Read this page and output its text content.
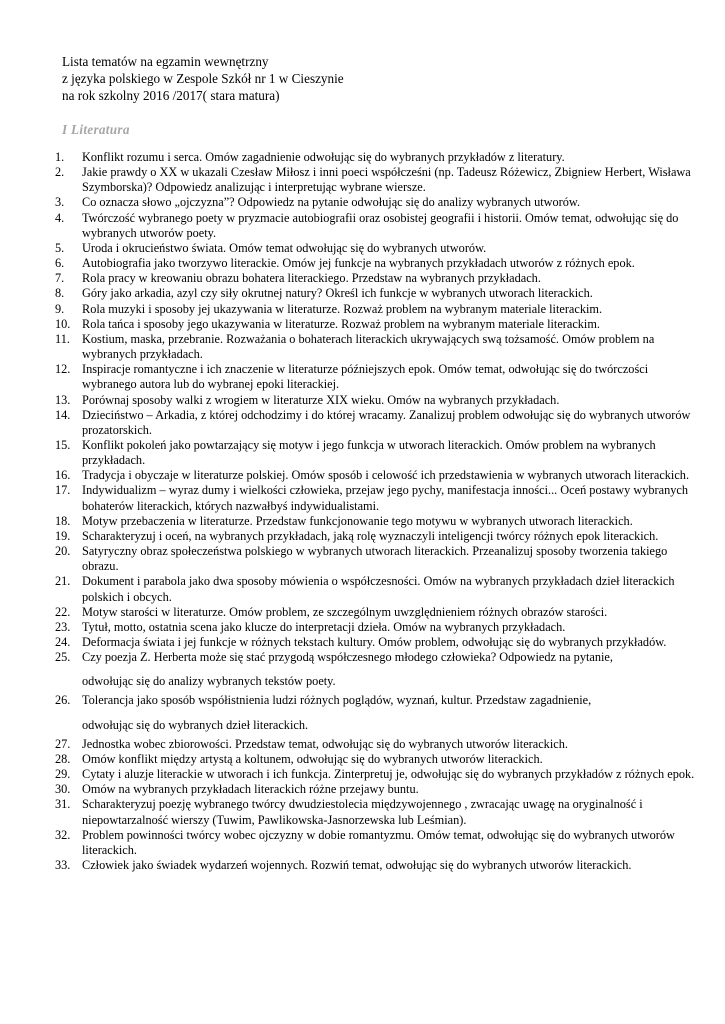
Lista tematów na egzamin wewnętrzny
z języka polskiego w Zespole Szkół nr 1 w Cieszynie
na rok szkolny 2016 /2017( stara matura)
I Literatura
1. Konflikt rozumu i serca. Omów zagadnienie odwołując się do wybranych przykładów z literatury.
2. Jakie prawdy o XX w ukazali Czesław Miłosz i inni poeci współcześni (np. Tadeusz Różewicz, Zbigniew Herbert, Wisława Szymborska)? Odpowiedz analizując i interpretując wybrane wiersze.
3. Co oznacza słowo „ojczyzna”? Odpowiedz na pytanie odwołując się do analizy wybranych utworów.
4. Twórczość wybranego poety w pryzmacie autobiografii oraz osobistej geografii i historii. Omów temat, odwołując się do wybranych utworów poety.
5. Uroda i okrucieństwo świata. Omów temat odwołując się do wybranych utworów.
6. Autobiografia jako tworzywo literackie. Omów jej funkcje na wybranych przykładach utworów z różnych epok.
7. Rola pracy w kreowaniu obrazu bohatera literackiego. Przedstaw na wybranych przykładach.
8. Góry jako arkadia, azyl czy siły okrutnej natury? Określ ich funkcje w wybranych utworach literackich.
9. Rola muzyki i sposoby jej ukazywania w literaturze. Rozważ problem na wybranym materiale literackim.
10. Rola tańca i sposoby jego ukazywania w literaturze. Rozważ problem na wybranym materiale literackim.
11. Kostium, maska, przebranie. Rozważania o bohaterach literackich ukrywających swą tożsamość. Omów problem na wybranych przykładach.
12. Inspiracje romantyczne i ich znaczenie w literaturze późniejszych epok. Omów temat, odwołując się do twórczości wybranego autora lub do wybranej epoki literackiej.
13. Porównaj sposoby walki z wrogiem w literaturze XIX wieku. Omów na wybranych przykładach.
14. Dzieciństwo – Arkadia, z której odchodzimy i do której wracamy. Zanalizuj problem odwołując się do wybranych utworów prozatorskich.
15. Konflikt pokoleń jako powtarzający się motyw i jego funkcja w utworach literackich. Omów problem na wybranych przykładach.
16. Tradycja i obyczaje w literaturze polskiej. Omów sposób i celowość ich przedstawienia w wybranych utworach literackich.
17. Indywidualizm – wyraz dumy i wielkości człowieka, przejaw jego pychy, manifestacja inności... Oceń postawy wybranych bohaterów literackich, których nazwałbyś indywidualistami.
18. Motyw przebaczenia w literaturze. Przedstaw funkcjonowanie tego motywu w wybranych utworach literackich.
19. Scharakteryzuj i oceń, na wybranych przykładach, jaką rolę wyznaczyli inteligencji twórcy różnych epok literackich.
20. Satyryczny obraz społeczeństwa polskiego w wybranych utworach literackich. Przeanalizuj sposoby tworzenia takiego obrazu.
21. Dokument i parabola jako dwa sposoby mówienia o współczesności. Omów na wybranych przykładach dzieł literackich polskich i obcych.
22. Motyw starości w literaturze. Omów problem, ze szczególnym uwzględnieniem różnych obrazów starości.
23. Tytuł, motto, ostatnia scena jako klucze do interpretacji dzieła. Omów na wybranych przykładach.
24. Deformacja świata i jej funkcje w różnych tekstach kultury. Omów problem, odwołując się do wybranych przykładów.
25. Czy poezja Z. Herberta może się stać przygodą współczesnego młodego człowieka? Odpowiedz na pytanie,
odwołując się do analizy wybranych tekstów poety.
26. Tolerancja jako sposób współistnienia ludzi różnych poglądów, wyznań, kultur. Przedstaw zagadnienie,
odwołując się do wybranych dzieł literackich.
27. Jednostka wobec zbiorowości. Przedstaw temat, odwołując się do wybranych utworów literackich.
28. Omów konflikt między artystą a koltunem, odwołując się do wybranych utworów literackich.
29. Cytaty i aluzje literackie w utworach i ich funkcja. Zinterpretuj je, odwołując się do wybranych przykładów z różnych epok.
30. Omów na wybranych przykładach literackich różne przejawy buntu.
31. Scharakteryzuj poezję wybranego twórcy dwudziestolecia międzywojennego , zwracając uwagę na oryginalność i niepowtarzalność wierszy (Tuwim, Pawlikowska-Jasnorzewska lub Leśmian).
32. Problem powinności twórcy wobec ojczyzny w dobie romantyzmu. Omów temat, odwołując się do wybranych utworów literackich.
33. Człowiek jako świadek wydarzeń wojennych. Rozwiń temat, odwołując się do wybranych utworów literackich.
